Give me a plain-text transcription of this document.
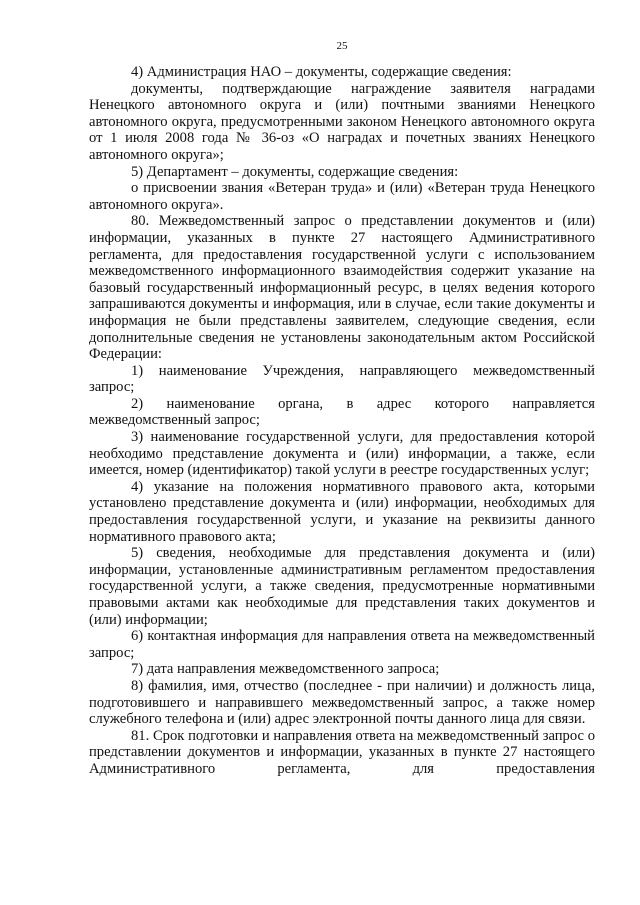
25

4) Администрация НАО – документы, содержащие сведения:

документы, подтверждающие награждение заявителя наградами Ненецкого автономного округа и (или) почтными званиями Ненецкого автономного округа, предусмотренными законом Ненецкого автономного округа от 1 июля 2008 года № 36-оз «О наградах и почетных званиях Ненецкого автономного округа»;

5) Департамент – документы, содержащие сведения:

о присвоении звания «Ветеран труда» и (или) «Ветеран труда Ненецкого автономного округа».

80. Межведомственный запрос о представлении документов и (или) информации, указанных в пункте 27 настоящего Административного регламента, для предоставления государственной услуги с использованием межведомственного информационного взаимодействия содержит указание на базовый государственный информационный ресурс, в целях ведения которого запрашиваются документы и информация, или в случае, если такие документы и информация не были представлены заявителем, следующие сведения, если дополнительные сведения не установлены законодательным актом Российской Федерации:

1) наименование Учреждения, направляющего межведомственный запрос;

2) наименование органа, в адрес которого направляется межведомственный запрос;

3) наименование государственной услуги, для предоставления которой необходимо представление документа и (или) информации, а также, если имеется, номер (идентификатор) такой услуги в реестре государственных услуг;

4) указание на положения нормативного правового акта, которыми установлено представление документа и (или) информации, необходимых для предоставления государственной услуги, и указание на реквизиты данного нормативного правового акта;

5) сведения, необходимые для представления документа и (или) информации, установленные административным регламентом предоставления государственной услуги, а также сведения, предусмотренные нормативными правовыми актами как необходимые для представления таких документов и (или) информации;

6) контактная информация для направления ответа на межведомственный запрос;

7) дата направления межведомственного запроса;

8) фамилия, имя, отчество (последнее - при наличии) и должность лица, подготовившего и направившего межведомственный запрос, а также номер служебного телефона и (или) адрес электронной почты данного лица для связи.

81. Срок подготовки и направления ответа на межведомственный запрос о представлении документов и информации, указанных в пункте 27 настоящего Административного регламента, для предоставления
